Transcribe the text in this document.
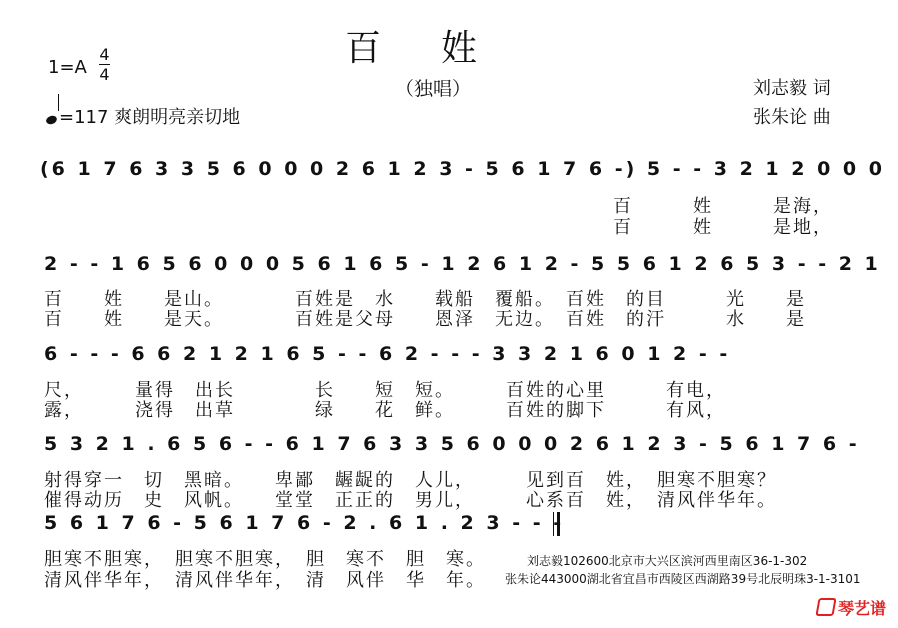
百姓
（独唱）
1=A
4
4
=117 爽朗明亮亲切地
刘志毅 词
张朱论 曲
(6 1 7 6 3 3 5 6 0 0 0 2 6 1 2 3 - 5 6 1 7 6 -) 5 - - 3 2 1 2 0 0 0
百　　　姓　　　是海，
百　　　姓　　　是地，
2 - - 1 6 5 6 0 0 0 5 6 1 6 5 - 1 2 6 1 2 - 5 5 6 1 2 6 5 3 - - 2 1
百　　姓　　是山。　　　　百姓是　水　　载船　覆船。　百姓　的目　　　光　　是
百　　姓　　是天。　　　　百姓是父母　　恩泽　无边。　百姓　的汗　　　水　　是
6 - - - 6 6 2 1 2 1 6 5 - - 6 2 - - - 3 3 2 1 6 0 1 2 - -
尺，　　　量得　出长　　　　长　　短　短。　　　百姓的心里　　　有电，
露，　　　浇得　出草　　　　绿　　花　鲜。　　　百姓的脚下　　　有风，
5 3 2 1 . 6 5 6 - - 6 1 7 6 3 3 5 6 0 0 0 2 6 1 2 3 - 5 6 1 7 6 -
射得穿一　切　黑暗。　　卑鄙　龌龊的　人儿，　　　见到百　姓，　胆寒不胆寒？
催得动历　史　风帆。　　堂堂　正正的　男儿，　　　心系百　姓，　清风伴华年。
5 6 1 7 6 - 5 6 1 7 6 - 2 . 6 1 . 2 3 - - -
胆寒不胆寒，　胆寒不胆寒，　胆　寒不　胆　寒。
清风伴华年，　清风伴华年，　清　风伴　华　年。
刘志毅102600北京市大兴区滨河西里南区36-1-302
张朱论443000湖北省宜昌市西陵区西湖路39号北辰明珠3-1-3101
琴艺谱
